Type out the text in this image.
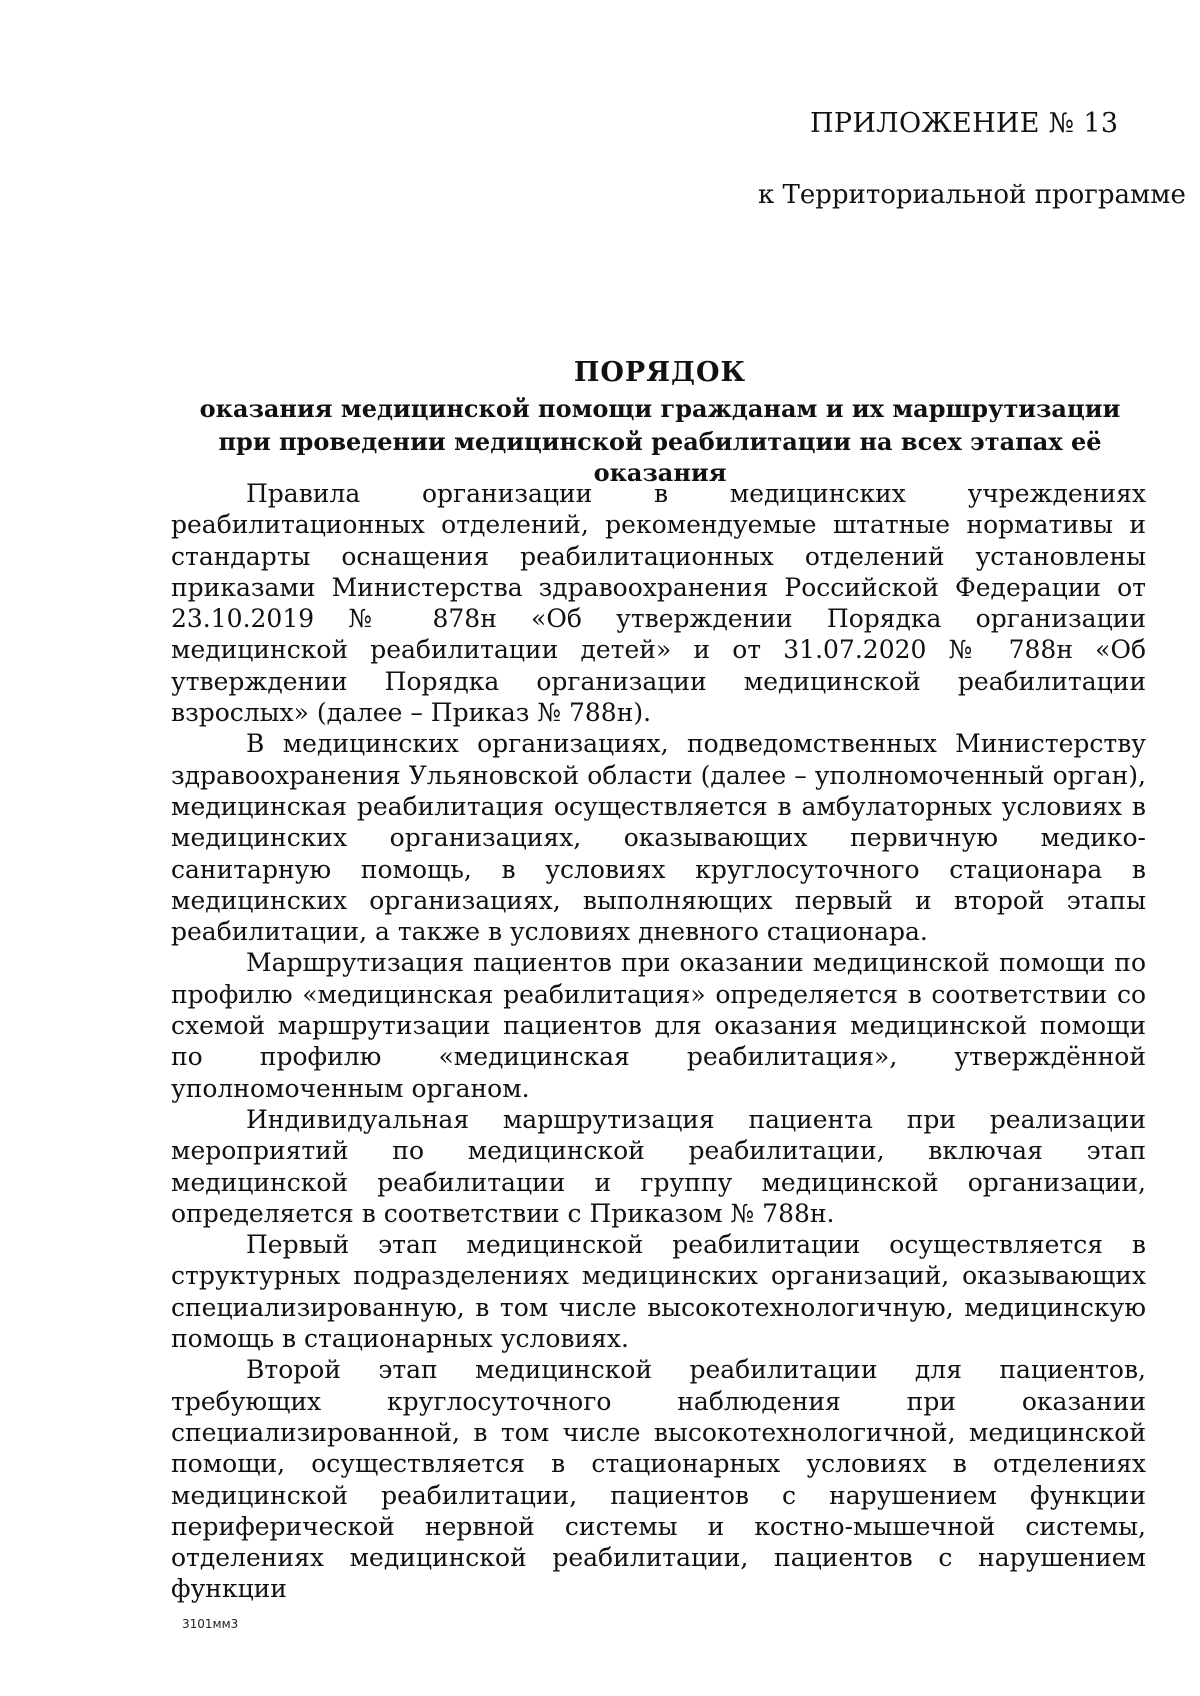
ПРИЛОЖЕНИЕ № 13
к Территориальной программе
ПОРЯДОК
оказания медицинской помощи гражданам и их маршрутизации
при проведении медицинской реабилитации на всех этапах её оказания

Правила организации в медицинских учреждениях реабилитационных отделений, рекомендуемые штатные нормативы и стандарты оснащения реабилитационных отделений установлены приказами Министерства здравоохранения Российской Федерации от 23.10.2019 № 878н «Об утверждении Порядка организации медицинской реабилитации детей» и от 31.07.2020 № 788н «Об утверждении Порядка организации медицинской реабилитации взрослых» (далее – Приказ № 788н).

В медицинских организациях, подведомственных Министерству здравоохранения Ульяновской области (далее – уполномоченный орган), медицинская реабилитация осуществляется в амбулаторных условиях в медицинских организациях, оказывающих первичную медико-санитарную помощь, в условиях круглосуточного стационара в медицинских организациях, выполняющих первый и второй этапы реабилитации, а также в условиях дневного стационара.

Маршрутизация пациентов при оказании медицинской помощи по профилю «медицинская реабилитация» определяется в соответствии со схемой маршрутизации пациентов для оказания медицинской помощи по профилю «медицинская реабилитация», утверждённой уполномоченным органом.

Индивидуальная маршрутизация пациента при реализации мероприятий по медицинской реабилитации, включая этап медицинской реабилитации и группу медицинской организации, определяется в соответствии с Приказом № 788н.

Первый этап медицинской реабилитации осуществляется в структурных подразделениях медицинских организаций, оказывающих специализированную, в том числе высокотехнологичную, медицинскую помощь в стационарных условиях.

Второй этап медицинской реабилитации для пациентов, требующих круглосуточного наблюдения при оказании специализированной, в том числе высокотехнологичной, медицинской помощи, осуществляется в стационарных условиях в отделениях медицинской реабилитации, пациентов с нарушением функции периферической нервной системы и костно-мышечной системы, отделениях медицинской реабилитации, пациентов с нарушением функции

3101мм3
